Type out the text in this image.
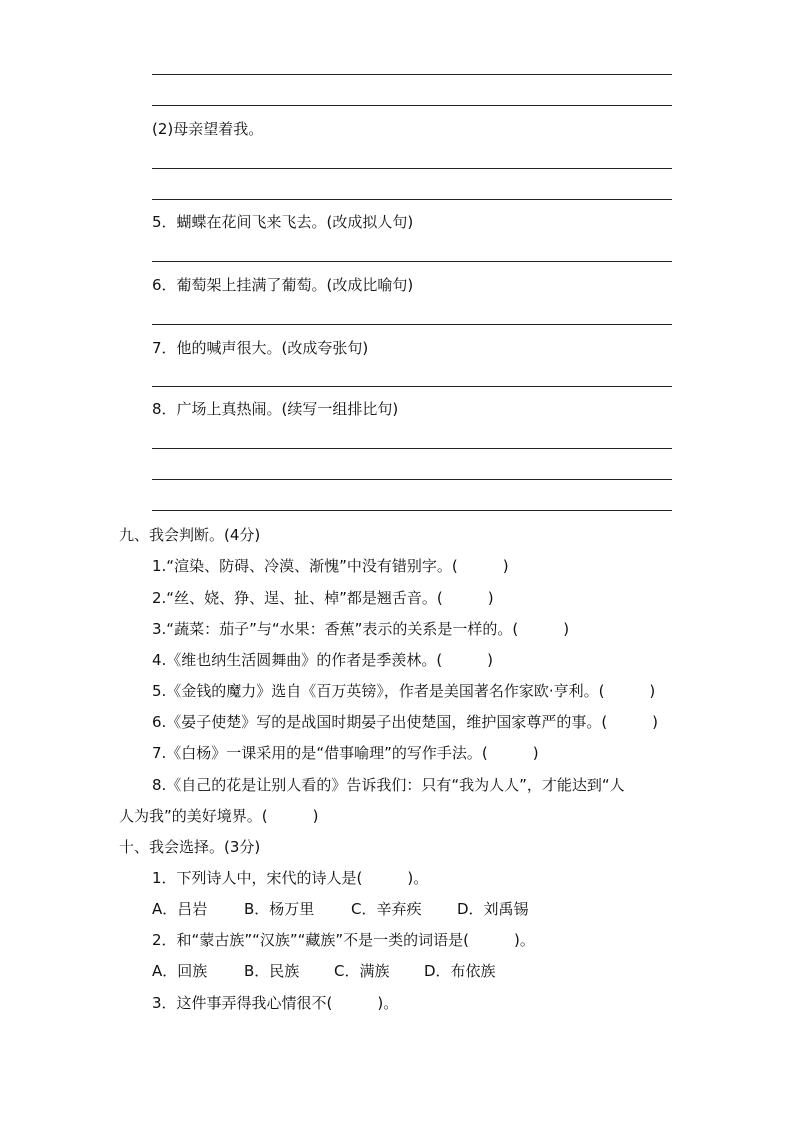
(2)母亲望着我。
5．蝴蝶在花间飞来飞去。(改成拟人句)
6．葡萄架上挂满了葡萄。(改成比喻句)
7．他的喊声很大。(改成夸张句)
8．广场上真热闹。(续写一组排比句)
九、我会判断。(4分)
1.“渲染、防碍、冷漠、渐愧”中没有错别字。(　　　)
2.“丝、娆、狰、逞、扯、棹”都是翘舌音。(　　　)
3.“蔬菜：茄子”与“水果：香蕉”表示的关系是一样的。(　　　)
4.《维也纳生活圆舞曲》的作者是季羡林。(　　　)
5.《金钱的魔力》选自《百万英镑》，作者是美国著名作家欧·亨利。(　　　)
6.《晏子使楚》写的是战国时期晏子出使楚国，维护国家尊严的事。(　　　)
7.《白杨》一课采用的是“借事喻理”的写作手法。(　　　)
8.《自己的花是让别人看的》告诉我们：只有“我为人人”，才能达到“人
人为我”的美好境界。(　　　)
十、我会选择。(3分)
1．下列诗人中，宋代的诗人是(　　　)。
A．吕岩 B．杨万里 C．辛弃疾 D．刘禹锡
2．和“蒙古族”“汉族”“藏族”不是一类的词语是(　　　)。
A．回族 B．民族 C．满族 D．布依族
3．这件事弄得我心情很不(　　　)。
